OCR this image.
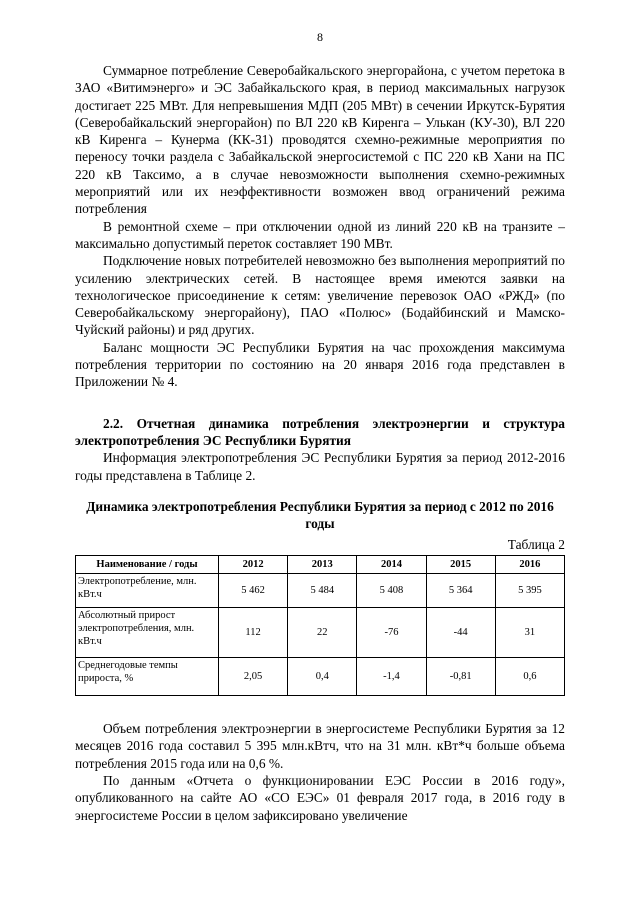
8

Суммарное потребление Северобайкальского энергорайона, с учетом перетока в ЗАО «Витимэнерго» и ЭС Забайкальского края, в период максимальных нагрузок достигает 225 МВт. Для непревышения МДП (205 МВт) в сечении Иркутск-Бурятия (Северобайкальский энергорайон) по ВЛ 220 кВ Киренга – Улькан (КУ-30), ВЛ 220 кВ Киренга – Кунерма (КК-31) проводятся схемно-режимные мероприятия по переносу точки раздела с Забайкальской энергосистемой с ПС 220 кВ Хани на ПС 220 кВ Таксимо, а в случае невозможности выполнения схемно-режимных мероприятий или их неэффективности возможен ввод ограничений режима потребления

В ремонтной схеме – при отключении одной из линий 220 кВ на транзите – максимально допустимый переток составляет 190 МВт.

Подключение новых потребителей невозможно без выполнения мероприятий по усилению электрических сетей. В настоящее время имеются заявки на технологическое присоединение к сетям: увеличение перевозок ОАО «РЖД» (по Северобайкальскому энергорайону), ПАО «Полюс» (Бодайбинский и Мамско-Чуйский районы) и ряд других.

Баланс мощности ЭС Республики Бурятия на час прохождения максимума потребления территории по состоянию на 20 января 2016 года представлен в Приложении № 4.

2.2. Отчетная динамика потребления электроэнергии и структура электропотребления ЭС Республики Бурятия

Информация электропотребления ЭС Республики Бурятия за период 2012-2016 годы представлена в Таблице 2.

Динамика электропотребления Республики Бурятия за период с 2012 по 2016 годы
Таблица 2
Наименование / годы	2012	2013	2014	2015	2016
Электропотребление, млн. кВт.ч	5 462	5 484	5 408	5 364	5 395
Абсолютный прирост электропотребления, млн. кВт.ч	112	22	-76	-44	31
Среднегодовые темпы прироста, %	2,05	0,4	-1,4	-0,81	0,6

Объем потребления электроэнергии в энергосистеме Республики Бурятия за 12 месяцев 2016 года составил 5 395 млн.кВтч, что на 31 млн. кВт*ч больше объема потребления 2015 года или на 0,6 %.

По данным «Отчета о функционировании ЕЭС России в 2016 году», опубликованного на сайте АО «СО ЕЭС» 01 февраля 2017 года, в 2016 году в энергосистеме России в целом зафиксировано увеличение
